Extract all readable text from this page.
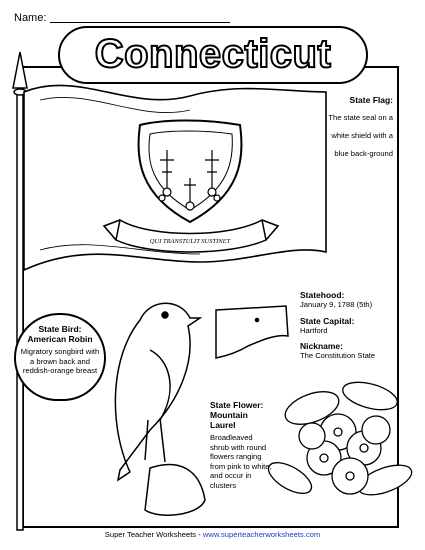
Name:
QUI TRANSTULIT SUSTINET
Connecticut
State Flag:
The state seal on a white shield with a blue back-ground
Statehood:
January 9, 1788 (5th)
State Capital:
Hartford
Nickname:
The Constitution State
State Bird:
American Robin
Migratory songbird with a brown back and reddish-orange breast
State Flower:
Mountain
Laurel
Broadleaved shrub with round flowers ranging from pink to white, and occur in clusters
Super Teacher Worksheets - www.superteacherworksheets.com
